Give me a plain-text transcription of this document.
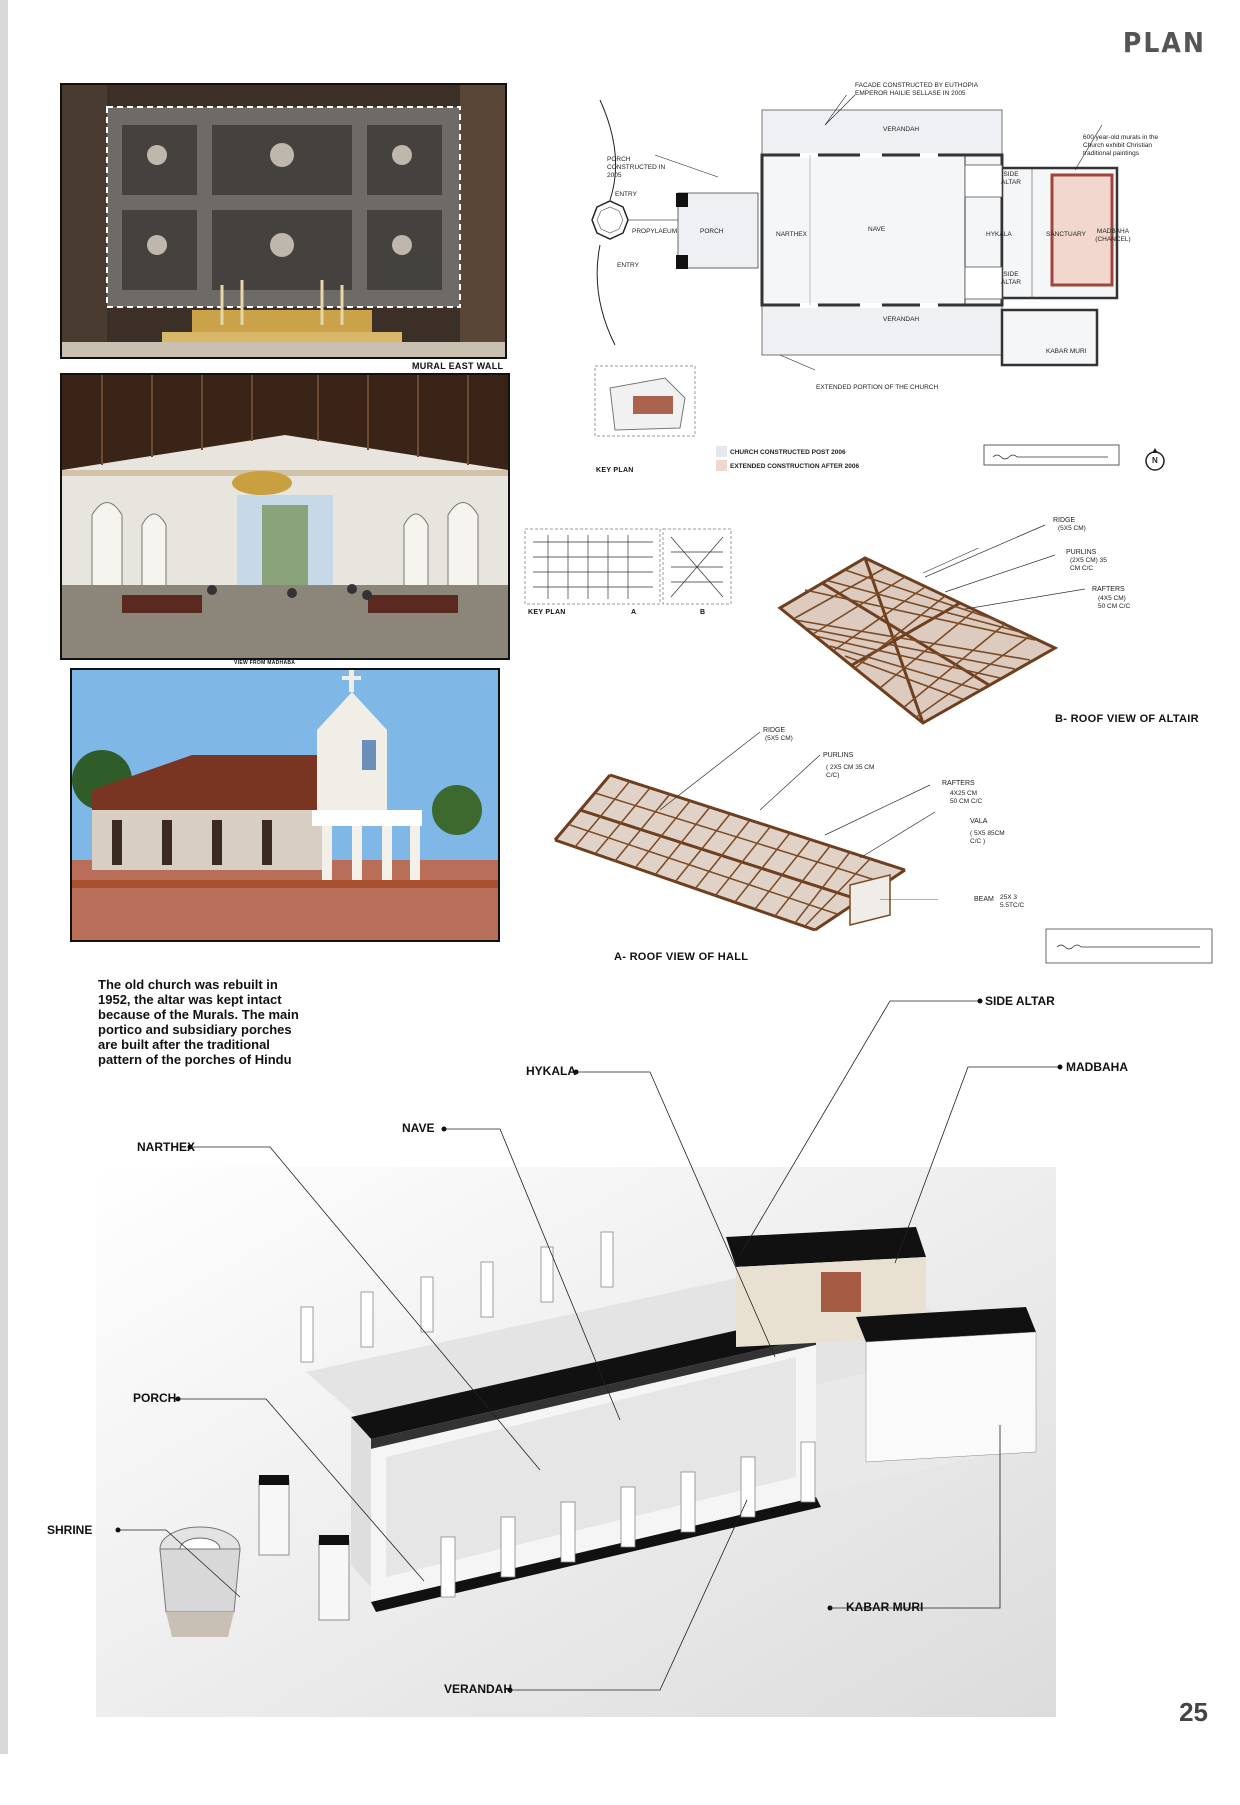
PLAN
MURAL EAST WALL
VIEW FROM MADHABA
The old church was rebuilt in 1952, the altar was kept intact because of the Murals. The main portico and subsidiary porches are built after the traditional pattern of the porches of Hindu
FACADE CONSTRUCTED BY EUTHOPIA EMPEROR HAILIE SELLASE IN 2005
PORCH CONSTRUCTED IN 2005
600 year-old murals in the Church exhibit Christian traditional paintings
EXTENDED PORTION OF THE CHURCH
VERANDAH
VERANDAH
PORCH
PROPYLAEUM	NARTHEX
NAVE
HYKALA	SANCTUARY	MADBAHA (CHANCEL)
SIDE ALTAR
SIDE ALTAR
KABAR MURI
ENTRY
ENTRY
KEY PLAN
CHURCH CONSTRUCTED POST 2006
EXTENDED CONSTRUCTION AFTER 2006
N
KEY PLAN	A	B
RIDGE
(5X5 CM)
PURLINS
(2X5 CM) 35 CM C/C
RAFTERS
(4X5 CM) 50 CM C/C
B- ROOF VIEW OF ALTAIR
RIDGE
(5X5 CM)
PURLINS
( 2X5 CM 35 CM C/C)
RAFTERS
4X25 CM 50 CM C/C
VALA
( 5X5 85CM C/C )
BEAM 25X 3 5.5TC/C
A- ROOF VIEW OF HALL
SIDE ALTAR
MADBAHA
HYKALA
NAVE
NARTHEX
PORCH
SHRINE
KABAR MURI
VERANDAH
25
